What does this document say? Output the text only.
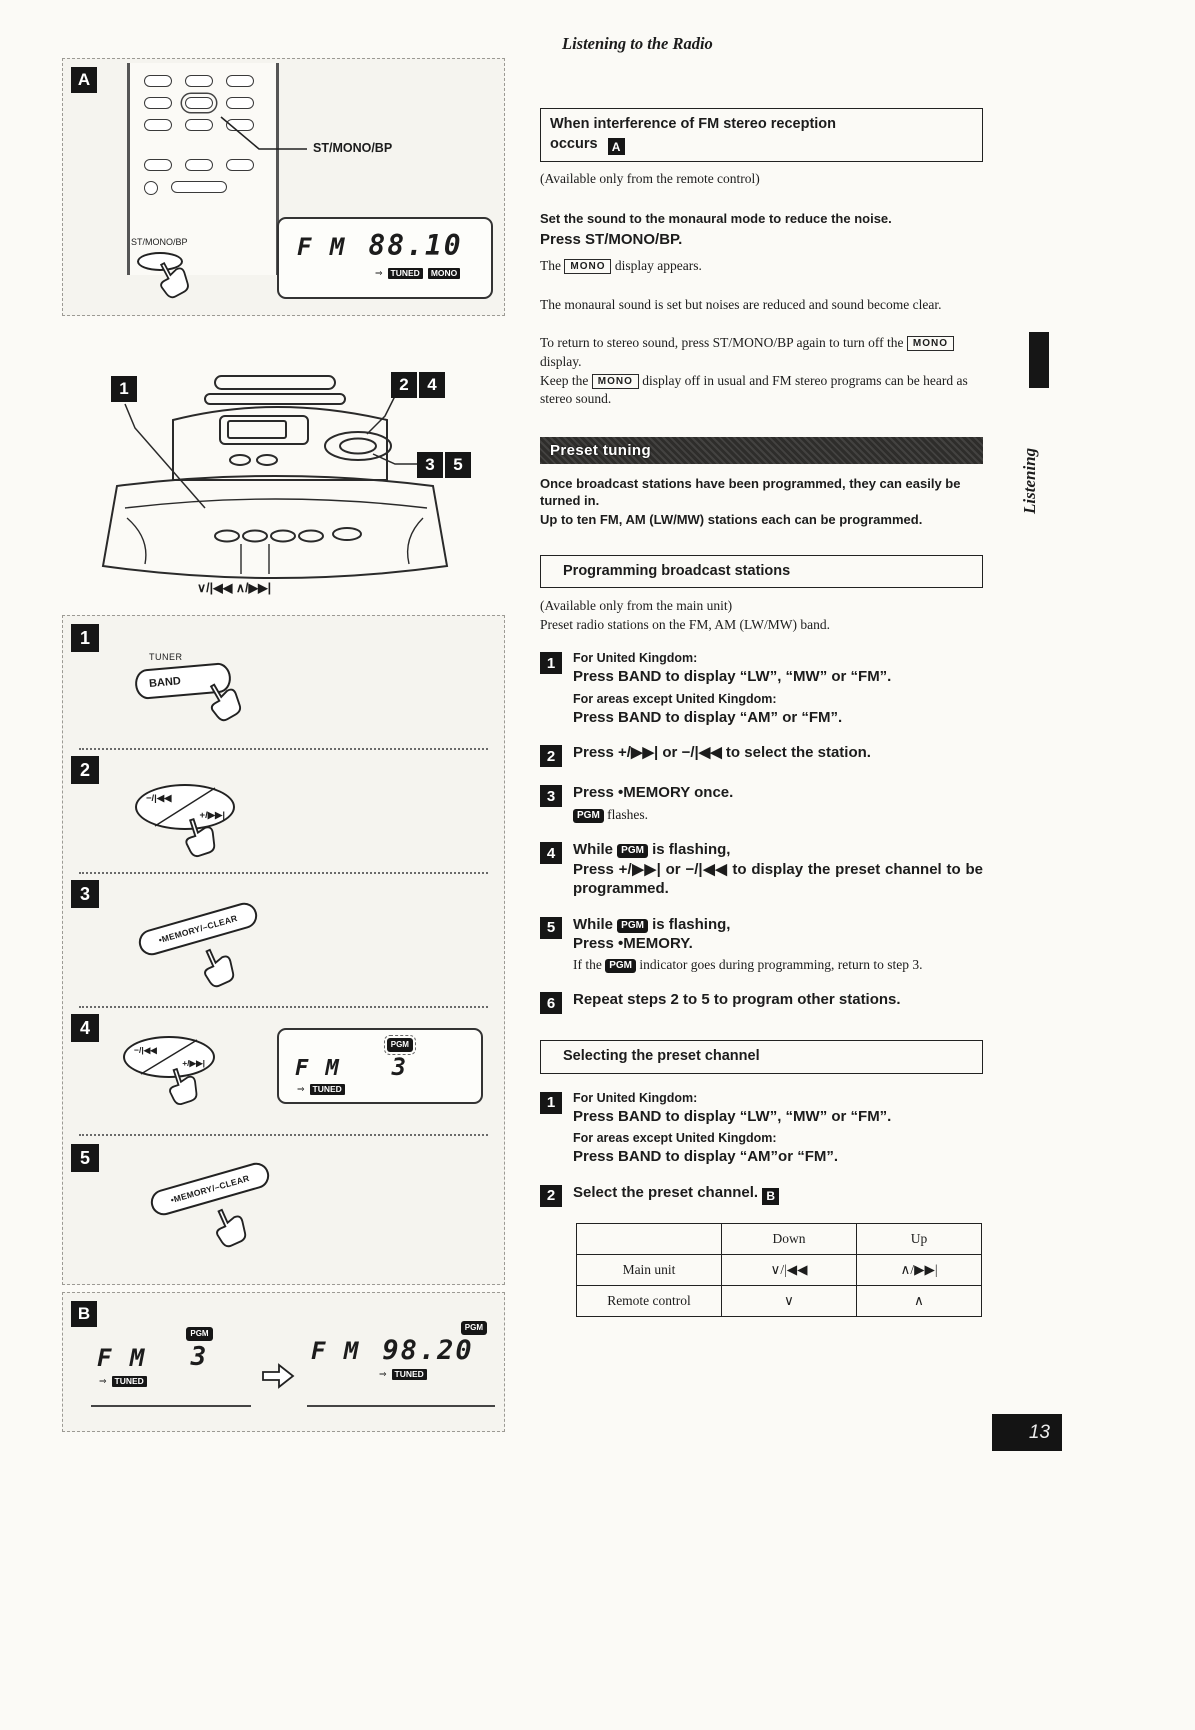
A
ST/MONO/BP
ST/MONO/BP	F M 88.10
⇒ TUNED	MONO
1	2	4
3	5
∨/|◀◀ ∧/▶▶|
1
TUNER
BAND
2
−/|◀◀
+/▶▶|
3
•MEMORY/–CLEAR
4
−/|◀◀
+/▶▶|	F M
PGM
3
⇒ TUNED
5
•MEMORY/–CLEAR
B
F M
PGM
3
⇒ TUNED
PGM
F M 98.20
⇒ TUNED
Listening to the Radio
When interference of FM stereo reception
occurs A
(Available only from the remote control)
Set the sound to the monaural mode to reduce the noise.
Press ST/MONO/BP.
The MONO display appears.
The monaural sound is set but noises are reduced and sound become clear.
To return to stereo sound, press ST/MONO/BP again to turn off the MONO display.
Keep the MONO display off in usual and FM stereo programs can be heard as stereo sound.
Preset tuning
Once broadcast stations have been programmed, they can easily be turned in.
Up to ten FM, AM (LW/MW) stations each can be programmed.
Programming broadcast stations
(Available only from the main unit)
Preset radio stations on the FM, AM (LW/MW) band.
1	For United Kingdom:
Press BAND to display “LW”, “MW” or “FM”.
For areas except United Kingdom:
Press BAND to display “AM” or “FM”.
2	Press +/▶▶| or −/|◀◀ to select the station.
3	Press •MEMORY once.
PGM flashes.
4	While PGM is flashing,
Press +/▶▶| or −/|◀◀ to display the preset channel to be programmed.
5	While PGM is flashing,
Press •MEMORY.
If the PGM indicator goes during programming, return to step 3.
6	Repeat steps 2 to 5 to program other stations.
Selecting the preset channel
1	For United Kingdom:
Press BAND to display “LW”, “MW” or “FM”.
For areas except United Kingdom:
Press BAND to display “AM”or “FM”.
2	Select the preset channel. B
	Down	Up
Main unit	∨/|◀◀	∧/▶▶|
Remote control	∨	∧
Listening
13
